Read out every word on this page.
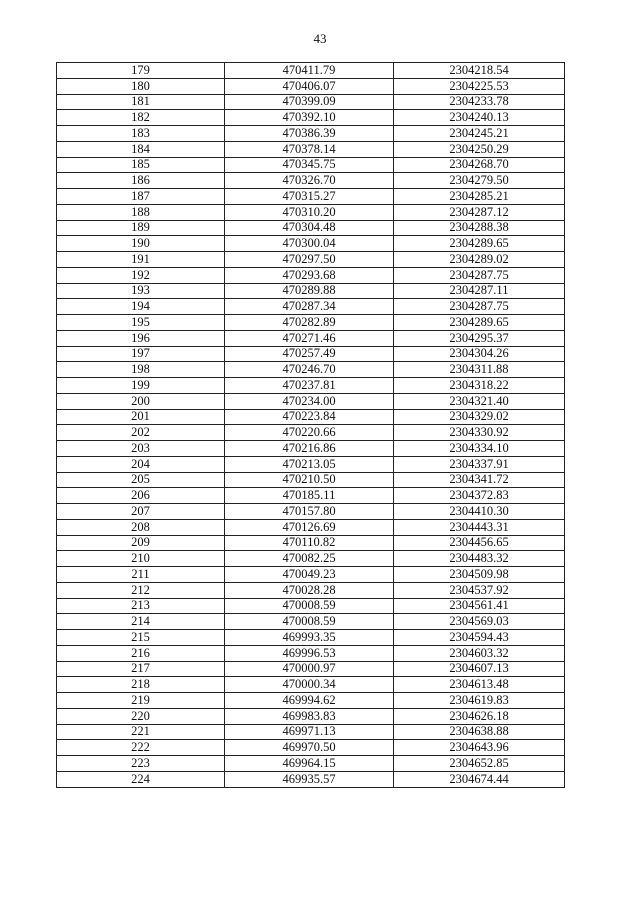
43
179	470411.79	2304218.54
180	470406.07	2304225.53
181	470399.09	2304233.78
182	470392.10	2304240.13
183	470386.39	2304245.21
184	470378.14	2304250.29
185	470345.75	2304268.70
186	470326.70	2304279.50
187	470315.27	2304285.21
188	470310.20	2304287.12
189	470304.48	2304288.38
190	470300.04	2304289.65
191	470297.50	2304289.02
192	470293.68	2304287.75
193	470289.88	2304287.11
194	470287.34	2304287.75
195	470282.89	2304289.65
196	470271.46	2304295.37
197	470257.49	2304304.26
198	470246.70	2304311.88
199	470237.81	2304318.22
200	470234.00	2304321.40
201	470223.84	2304329.02
202	470220.66	2304330.92
203	470216.86	2304334.10
204	470213.05	2304337.91
205	470210.50	2304341.72
206	470185.11	2304372.83
207	470157.80	2304410.30
208	470126.69	2304443.31
209	470110.82	2304456.65
210	470082.25	2304483.32
211	470049.23	2304509.98
212	470028.28	2304537.92
213	470008.59	2304561.41
214	470008.59	2304569.03
215	469993.35	2304594.43
216	469996.53	2304603.32
217	470000.97	2304607.13
218	470000.34	2304613.48
219	469994.62	2304619.83
220	469983.83	2304626.18
221	469971.13	2304638.88
222	469970.50	2304643.96
223	469964.15	2304652.85
224	469935.57	2304674.44
